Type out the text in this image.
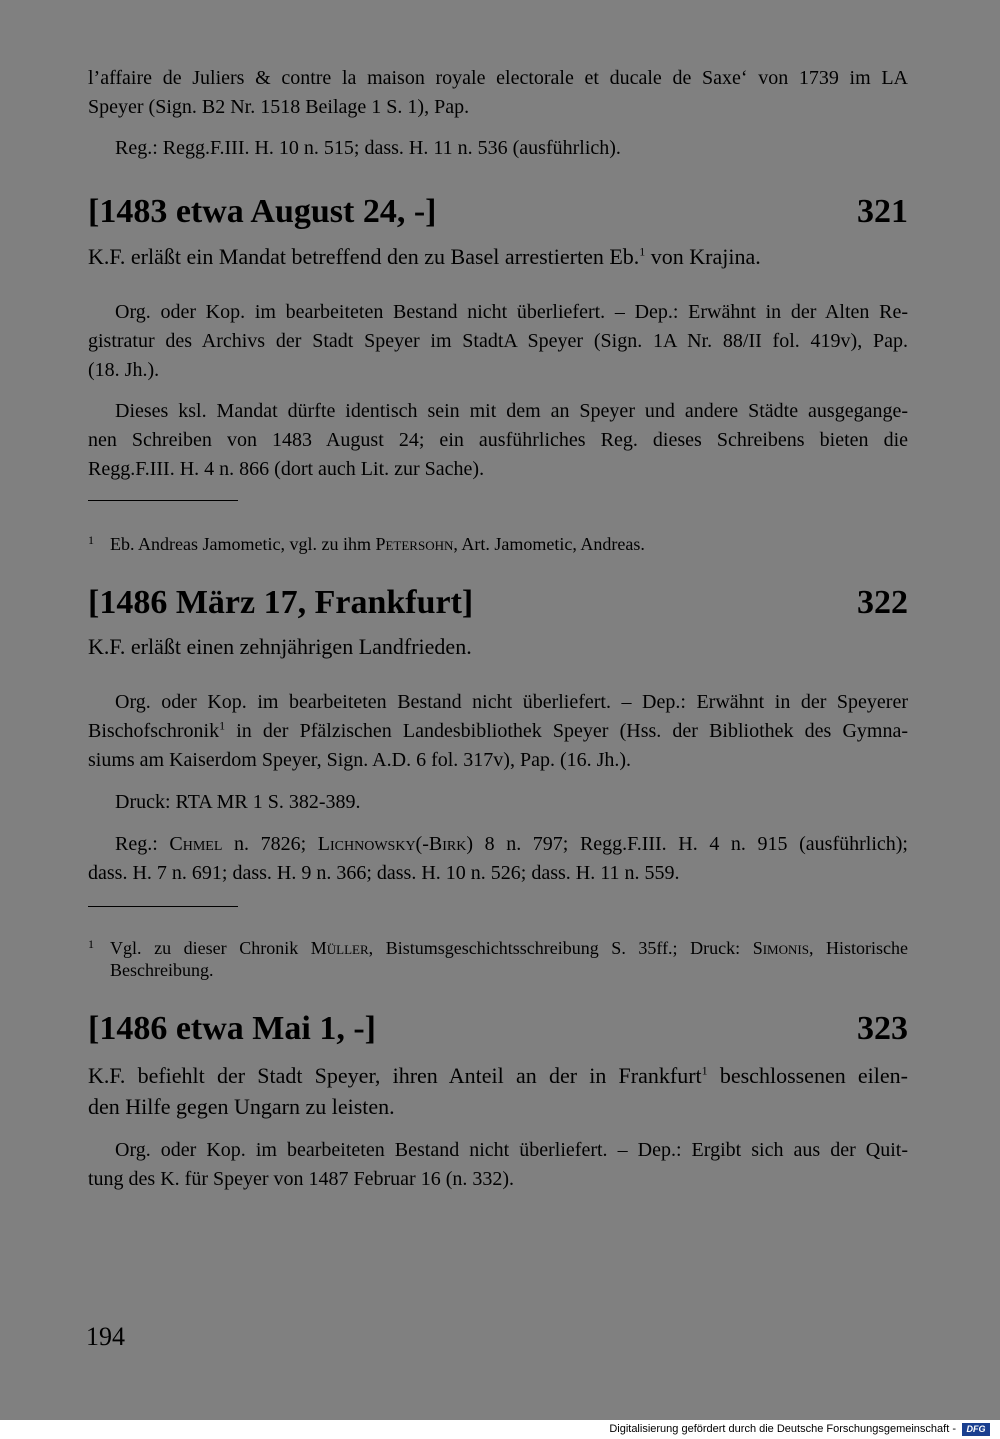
l’affaire de Juliers & contre la maison royale electorale et ducale de Saxe‘ von 1739 im LA

Speyer (Sign. B2 Nr. 1518 Beilage 1 S. 1), Pap.

Reg.: Regg.F.III. H. 10 n. 515; dass. H. 11 n. 536 (ausführlich).

[1483 etwa August 24, -]	321

K.F. erläßt ein Mandat betreffend den zu Basel arrestierten Eb.$^1$ von Krajina.

Org. oder Kop. im bearbeiteten Bestand nicht überliefert. – Dep.: Erwähnt in der Alten Re-

gistratur des Archivs der Stadt Speyer im StadtA Speyer (Sign. 1A Nr. 88/II fol. 419v), Pap.

(18. Jh.).

Dieses ksl. Mandat dürfte identisch sein mit dem an Speyer und andere Städte ausgegange-

nen Schreiben von 1483 August 24; ein ausführliches Reg. dieses Schreibens bieten die

Regg.F.III. H. 4 n. 866 (dort auch Lit. zur Sache).

1 Eb. Andreas Jamometic, vgl. zu ihm Petersohn, Art. Jamometic, Andreas.
[1486 März 17, Frankfurt]	322

K.F. erläßt einen zehnjährigen Landfrieden.

Org. oder Kop. im bearbeiteten Bestand nicht überliefert. – Dep.: Erwähnt in der Speyerer

Bischofschronik$^1$ in der Pfälzischen Landesbibliothek Speyer (Hss. der Bibliothek des Gymna-

siums am Kaiserdom Speyer, Sign. A.D. 6 fol. 317v), Pap. (16. Jh.).

Druck: RTA MR 1 S. 382-389.

Reg.: Chmel n. 7826; Lichnowsky(-Birk) 8 n. 797; Regg.F.III. H. 4 n. 915 (ausführlich);

dass. H. 7 n. 691; dass. H. 9 n. 366; dass. H. 10 n. 526; dass. H. 11 n. 559.

1 Vgl. zu dieser Chronik Müller, Bistumsgeschichtsschreibung S. 35ff.; Druck: Simonis, Historische

Beschreibung.

[1486 etwa Mai 1, -]	323

K.F. befiehlt der Stadt Speyer, ihren Anteil an der in Frankfurt$^1$ beschlossenen eilen-

den Hilfe gegen Ungarn zu leisten.

Org. oder Kop. im bearbeiteten Bestand nicht überliefert. – Dep.: Ergibt sich aus der Quit-

tung des K. für Speyer von 1487 Februar 16 (n. 332).

194
Digitalisierung gefördert durch die Deutsche Forschungsgemeinschaft -	DFG
